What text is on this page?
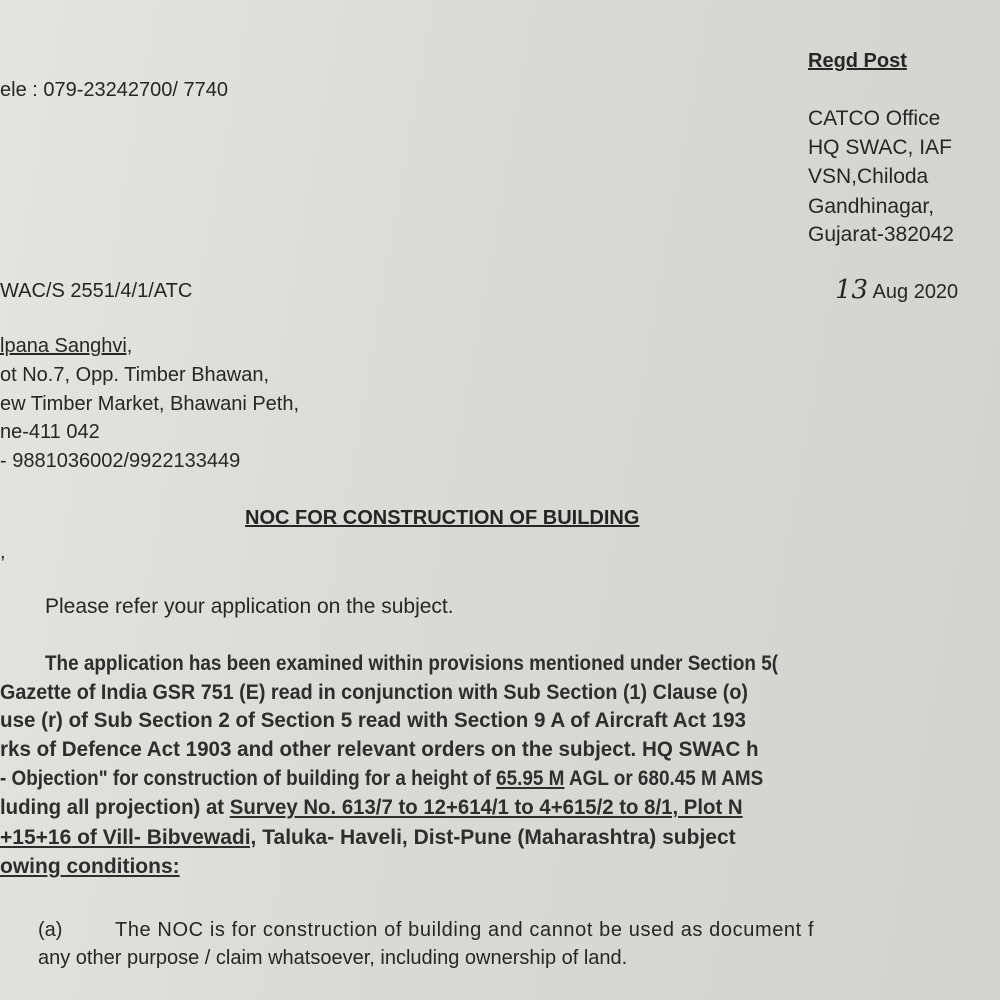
ele : 079-23242700/ 7740
Regd Post
CATCO Office
HQ SWAC, IAF
VSN,Chiloda
Gandhinagar,
Gujarat-382042
WAC/S 2551/4/1/ATC	13 Aug 2020
lpana Sanghvi,
ot No.7, Opp. Timber Bhawan,
ew Timber Market, Bhawani Peth,
ne-411 042
- 9881036002/9922133449
NOC FOR CONSTRUCTION OF BUILDING
,
Please refer your application on the subject.
The application has been examined within provisions mentioned under Section 5(
Gazette of India GSR 751 (E) read in conjunction with Sub Section (1) Clause (o)
use (r) of Sub Section 2 of Section 5 read with Section 9 A of Aircraft Act 193
rks of Defence Act 1903 and other relevant orders on the subject. HQ SWAC h
- Objection" for construction of building for a height of 65.95 M AGL or 680.45 M AMS
luding all projection) at Survey No. 613/7 to 12+614/1 to 4+615/2 to 8/1, Plot N
+15+16 of Vill- Bibvewadi, Taluka- Haveli, Dist-Pune (Maharashtra) subject
owing conditions:
(a)	The NOC is for construction of building and cannot be used as document f
any other purpose / claim whatsoever, including ownership of land.
